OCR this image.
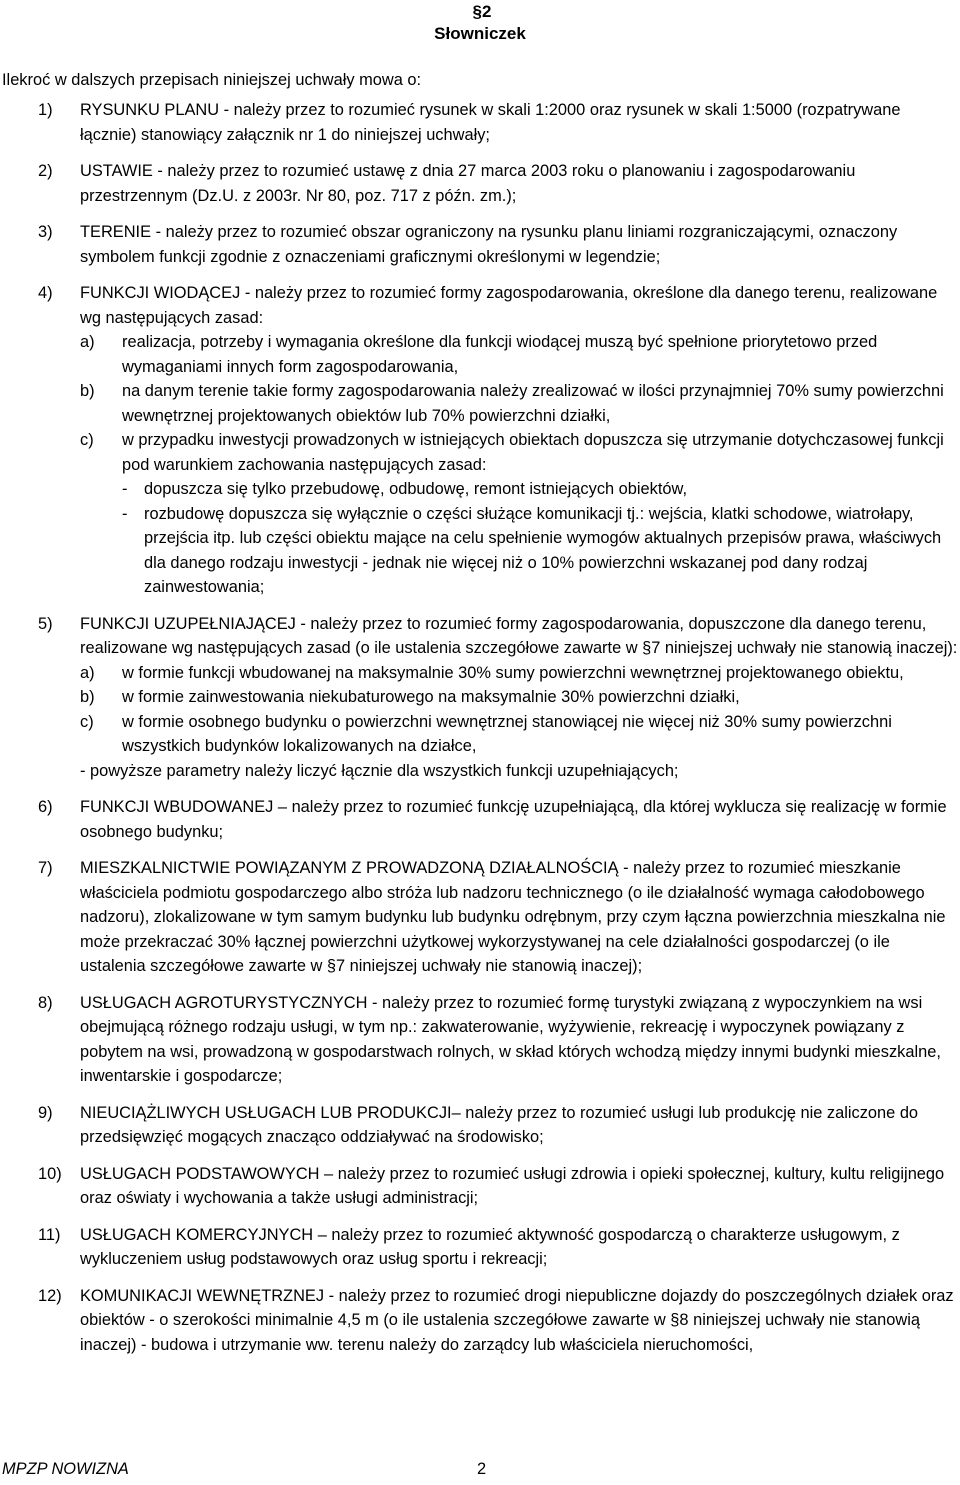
§2
Słowniczek
Ilekroć w dalszych przepisach niniejszej uchwały mowa o:
1) RYSUNKU PLANU - należy przez to rozumieć rysunek w skali 1:2000 oraz rysunek w skali 1:5000 (rozpatrywane łącznie) stanowiący załącznik nr 1 do niniejszej uchwały;
2) USTAWIE - należy przez to rozumieć ustawę z dnia 27 marca 2003 roku o planowaniu i zagospodarowaniu przestrzennym (Dz.U. z 2003r. Nr 80, poz. 717 z późn. zm.);
3) TERENIE - należy przez to rozumieć obszar ograniczony na rysunku planu liniami rozgraniczającymi, oznaczony symbolem funkcji zgodnie z oznaczeniami graficznymi określonymi w legendzie;
4) FUNKCJI WIODĄCEJ - należy przez to rozumieć formy zagospodarowania, określone dla danego terenu, realizowane wg następujących zasad:
a) realizacja, potrzeby i wymagania określone dla funkcji wiodącej muszą być spełnione priorytetowo przed wymaganiami innych form zagospodarowania,
b) na danym terenie takie formy zagospodarowania należy zrealizować w ilości przynajmniej 70% sumy powierzchni wewnętrznej projektowanych obiektów lub 70% powierzchni działki,
c) w przypadku inwestycji prowadzonych w istniejących obiektach dopuszcza się utrzymanie dotychczasowej funkcji pod warunkiem zachowania następujących zasad:
- dopuszcza się tylko przebudowę, odbudowę, remont istniejących obiektów,
- rozbudowę dopuszcza się wyłącznie o części służące komunikacji tj.: wejścia, klatki schodowe, wiatrołapy, przejścia itp. lub części obiektu mające na celu spełnienie wymogów aktualnych przepisów prawa, właściwych dla danego rodzaju inwestycji - jednak nie więcej niż o 10% powierzchni wskazanej pod dany rodzaj zainwestowania;
5) FUNKCJI UZUPEŁNIAJĄCEJ - należy przez to rozumieć formy zagospodarowania, dopuszczone dla danego terenu, realizowane wg następujących zasad (o ile ustalenia szczegółowe zawarte w §7 niniejszej uchwały nie stanowią inaczej):
a) w formie funkcji wbudowanej na maksymalnie 30% sumy powierzchni wewnętrznej projektowanego obiektu,
b) w formie zainwestowania niekubaturowego na maksymalnie 30% powierzchni działki,
c) w formie osobnego budynku o powierzchni wewnętrznej stanowiącej nie więcej niż 30% sumy powierzchni wszystkich budynków lokalizowanych na działce,
- powyższe parametry należy liczyć łącznie dla wszystkich funkcji uzupełniających;
6) FUNKCJI WBUDOWANEJ – należy przez to rozumieć funkcję uzupełniającą, dla której wyklucza się realizację w formie osobnego budynku;
7) MIESZKALNICTWIE POWIĄZANYM Z PROWADZONĄ DZIAŁALNOŚCIĄ - należy przez to rozumieć mieszkanie właściciela podmiotu gospodarczego albo stróża lub nadzoru technicznego (o ile działalność wymaga całodobowego nadzoru), zlokalizowane w tym samym budynku lub budynku odrębnym, przy czym łączna powierzchnia mieszkalna nie może przekraczać 30% łącznej powierzchni użytkowej wykorzystywanej na cele działalności gospodarczej (o ile ustalenia szczegółowe zawarte w §7 niniejszej uchwały nie stanowią inaczej);
8) USŁUGACH AGROTURYSTYCZNYCH - należy przez to rozumieć formę turystyki związaną z wypoczynkiem na wsi obejmującą różnego rodzaju usługi, w tym np.: zakwaterowanie, wyżywienie, rekreację i wypoczynek powiązany z pobytem na wsi, prowadzoną w gospodarstwach rolnych, w skład których wchodzą między innymi budynki mieszkalne, inwentarskie i gospodarcze;
9) NIEUCIĄŻLIWYCH USŁUGACH LUB PRODUKCJI– należy przez to rozumieć usługi lub produkcję nie zaliczone do przedsięwzięć mogących znacząco oddziaływać na środowisko;
10) USŁUGACH PODSTAWOWYCH – należy przez to rozumieć usługi zdrowia i opieki społecznej, kultury, kultu religijnego oraz oświaty i wychowania a także usługi administracji;
11) USŁUGACH KOMERCYJNYCH – należy przez to rozumieć aktywność gospodarczą o charakterze usługowym, z wykluczeniem usług podstawowych oraz usług sportu i rekreacji;
12) KOMUNIKACJI WEWNĘTRZNEJ - należy przez to rozumieć drogi niepubliczne dojazdy do poszczególnych działek oraz obiektów - o szerokości minimalnie 4,5 m (o ile ustalenia szczegółowe zawarte w §8 niniejszej uchwały nie stanowią inaczej) - budowa i utrzymanie ww. terenu należy do zarządcy lub właściciela nieruchomości,
MPZP NOWIZNA	2
